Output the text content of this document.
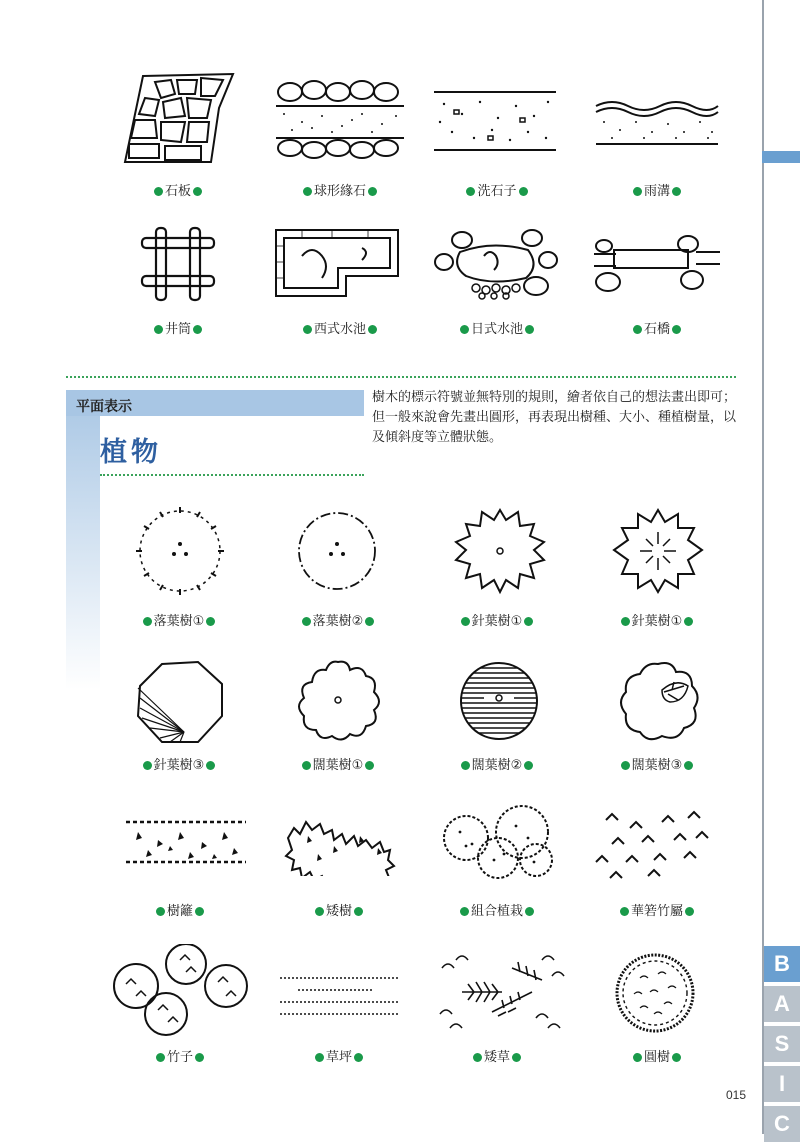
B
A
S
I
C
015
石板	球形緣石	洗石子	雨溝
井筒	西式水池	日式水池	石橋
平面表示
植物
樹木的標示符號並無特別的規則，繪者依自己的想法畫出即可；但一般來說會先畫出圓形，再表現出樹種、大小、種植樹量，以及傾斜度等立體狀態。
落葉樹①	落葉樹②	針葉樹①	針葉樹①
針葉樹③	闊葉樹①	闊葉樹②	闊葉樹③
樹籬	矮樹	組合植栽	華箬竹屬
竹子	草坪	矮草	圓樹
